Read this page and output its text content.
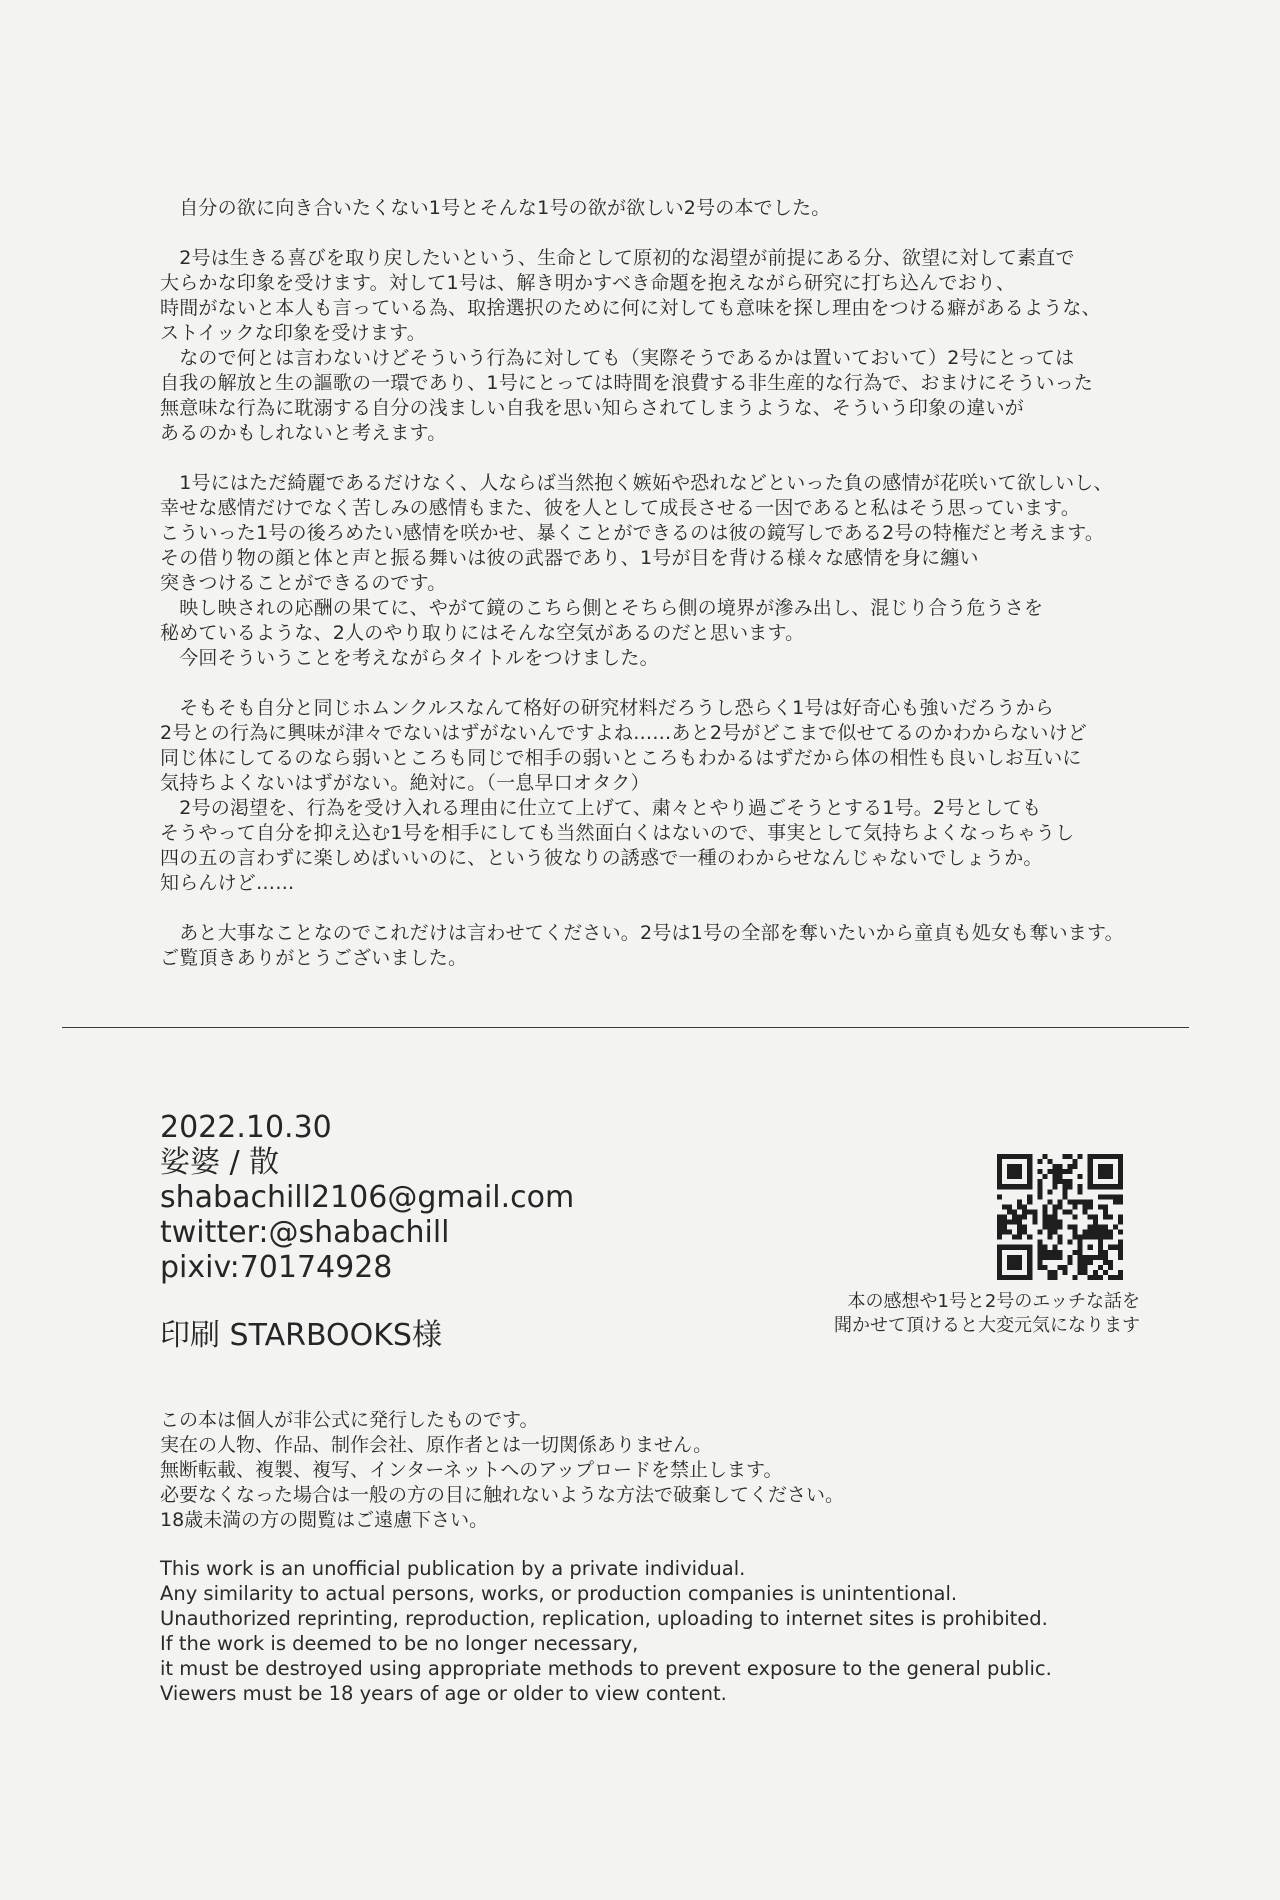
　自分の欲に向き合いたくない1号とそんな1号の欲が欲しい2号の本でした。
　2号は生きる喜びを取り戻したいという、生命として原初的な渇望が前提にある分、欲望に対して素直で
大らかな印象を受けます。対して1号は、解き明かすべき命題を抱えながら研究に打ち込んでおり、
時間がないと本人も言っている為、取捨選択のために何に対しても意味を探し理由をつける癖があるような、
ストイックな印象を受けます。
　なので何とは言わないけどそういう行為に対しても（実際そうであるかは置いておいて）2号にとっては
自我の解放と生の謳歌の一環であり、1号にとっては時間を浪費する非生産的な行為で、おまけにそういった
無意味な行為に耽溺する自分の浅ましい自我を思い知らされてしまうような、そういう印象の違いが
あるのかもしれないと考えます。
　1号にはただ綺麗であるだけなく、人ならば当然抱く嫉妬や恐れなどといった負の感情が花咲いて欲しいし、
幸せな感情だけでなく苦しみの感情もまた、彼を人として成長させる一因であると私はそう思っています。
こういった1号の後ろめたい感情を咲かせ、暴くことができるのは彼の鏡写しである2号の特権だと考えます。
その借り物の顔と体と声と振る舞いは彼の武器であり、1号が目を背ける様々な感情を身に纏い
突きつけることができるのです。
　映し映されの応酬の果てに、やがて鏡のこちら側とそちら側の境界が滲み出し、混じり合う危うさを
秘めているような、2人のやり取りにはそんな空気があるのだと思います。
　今回そういうことを考えながらタイトルをつけました。
　そもそも自分と同じホムンクルスなんて格好の研究材料だろうし恐らく1号は好奇心も強いだろうから
2号との行為に興味が津々でないはずがないんですよね……あと2号がどこまで似せてるのかわからないけど
同じ体にしてるのなら弱いところも同じで相手の弱いところもわかるはずだから体の相性も良いしお互いに
気持ちよくないはずがない。絶対に。（一息早口オタク）
　2号の渇望を、行為を受け入れる理由に仕立て上げて、粛々とやり過ごそうとする1号。2号としても
そうやって自分を抑え込む1号を相手にしても当然面白くはないので、事実として気持ちよくなっちゃうし
四の五の言わずに楽しめばいいのに、という彼なりの誘惑で一種のわからせなんじゃないでしょうか。
知らんけど……
　あと大事なことなのでこれだけは言わせてください。2号は1号の全部を奪いたいから童貞も処女も奪います。
ご覧頂きありがとうございました。
2022.10.30
娑婆 / 散
shabachill2106@gmail.com
twitter:@shabachill
pixiv:70174928
印刷 STARBOOKS様
本の感想や1号と2号のエッチな話を
聞かせて頂けると大変元気になります
この本は個人が非公式に発行したものです。
実在の人物、作品、制作会社、原作者とは一切関係ありません。
無断転載、複製、複写、インターネットへのアップロードを禁止します。
必要なくなった場合は一般の方の目に触れないような方法で破棄してください。
18歳未満の方の閲覧はご遠慮下さい。
This work is an unofficial publication by a private individual.
Any similarity to actual persons, works, or production companies is unintentional.
Unauthorized reprinting, reproduction, replication, uploading to internet sites is prohibited.
If the work is deemed to be no longer necessary,
it must be destroyed using appropriate methods to prevent exposure to the general public.
Viewers must be 18 years of age or older to view content.
